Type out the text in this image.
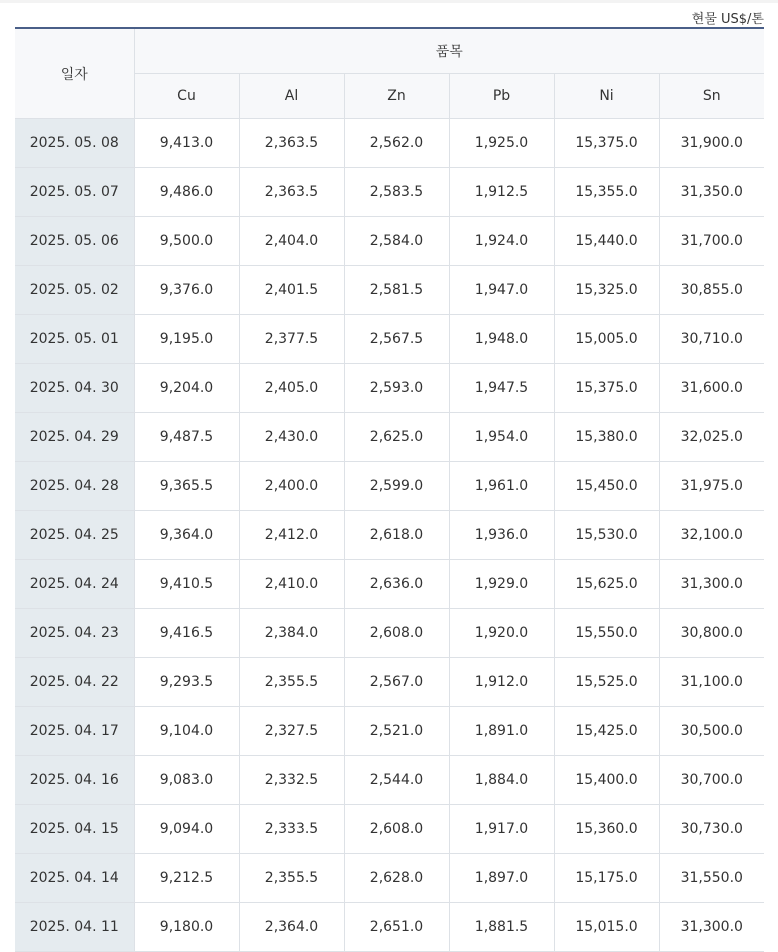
현물 US$/톤
일자	품목					
	Cu	Al	Zn	Pb	Ni	Sn
2025. 05. 08	9,413.0	2,363.5	2,562.0	1,925.0	15,375.0	31,900.0
2025. 05. 07	9,486.0	2,363.5	2,583.5	1,912.5	15,355.0	31,350.0
2025. 05. 06	9,500.0	2,404.0	2,584.0	1,924.0	15,440.0	31,700.0
2025. 05. 02	9,376.0	2,401.5	2,581.5	1,947.0	15,325.0	30,855.0
2025. 05. 01	9,195.0	2,377.5	2,567.5	1,948.0	15,005.0	30,710.0
2025. 04. 30	9,204.0	2,405.0	2,593.0	1,947.5	15,375.0	31,600.0
2025. 04. 29	9,487.5	2,430.0	2,625.0	1,954.0	15,380.0	32,025.0
2025. 04. 28	9,365.5	2,400.0	2,599.0	1,961.0	15,450.0	31,975.0
2025. 04. 25	9,364.0	2,412.0	2,618.0	1,936.0	15,530.0	32,100.0
2025. 04. 24	9,410.5	2,410.0	2,636.0	1,929.0	15,625.0	31,300.0
2025. 04. 23	9,416.5	2,384.0	2,608.0	1,920.0	15,550.0	30,800.0
2025. 04. 22	9,293.5	2,355.5	2,567.0	1,912.0	15,525.0	31,100.0
2025. 04. 17	9,104.0	2,327.5	2,521.0	1,891.0	15,425.0	30,500.0
2025. 04. 16	9,083.0	2,332.5	2,544.0	1,884.0	15,400.0	30,700.0
2025. 04. 15	9,094.0	2,333.5	2,608.0	1,917.0	15,360.0	30,730.0
2025. 04. 14	9,212.5	2,355.5	2,628.0	1,897.0	15,175.0	31,550.0
2025. 04. 11	9,180.0	2,364.0	2,651.0	1,881.5	15,015.0	31,300.0
